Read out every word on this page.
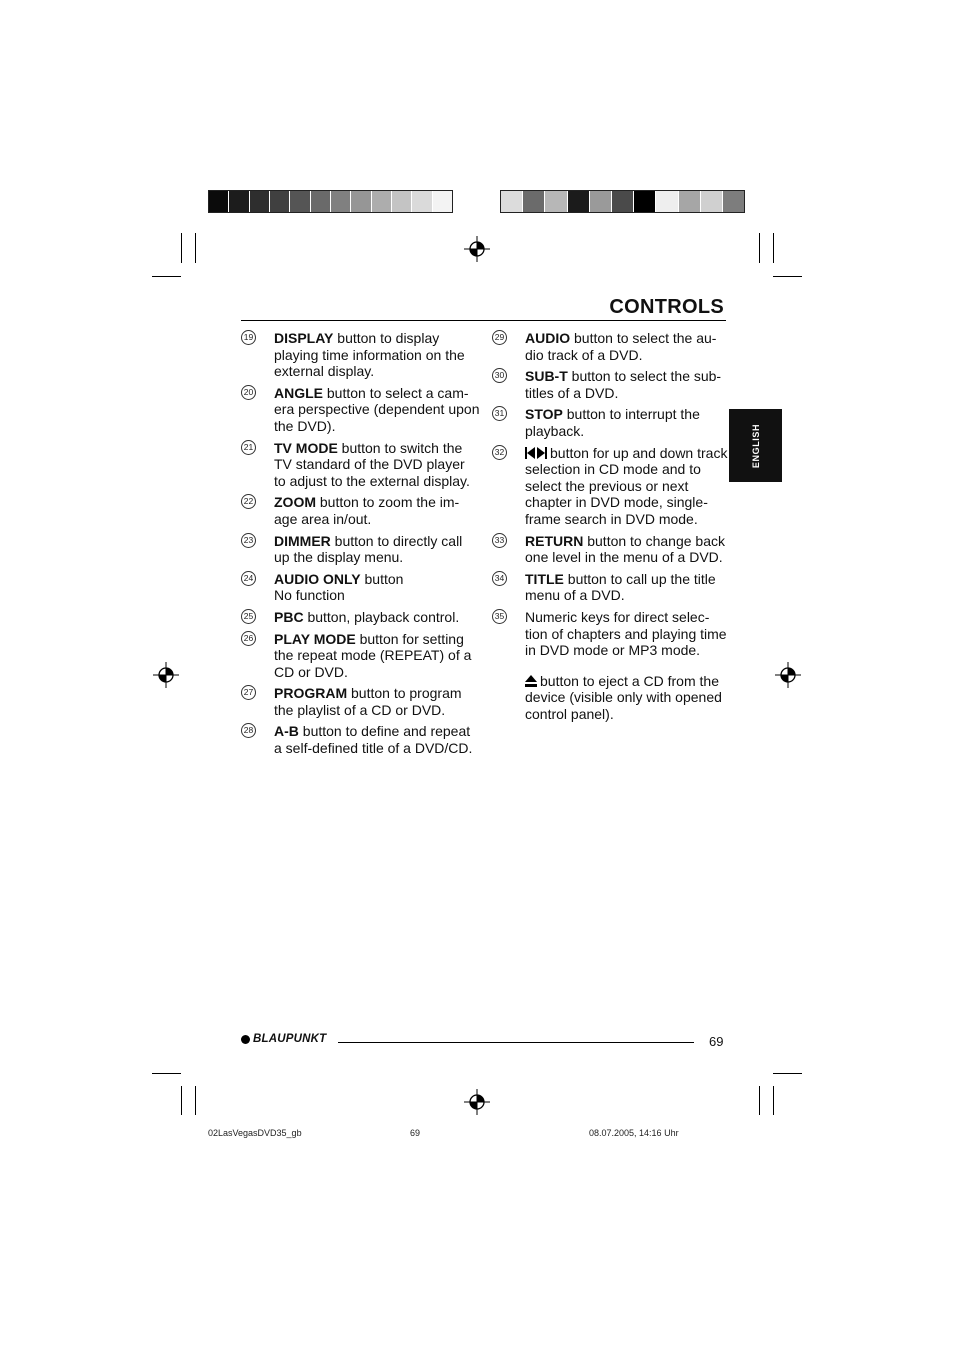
CONTROLS
ENGLISH
19 DISPLAY button to display playing time information on the external display.
20 ANGLE button to select a cam- era perspective (dependent upon the DVD).
21 TV MODE button to switch the TV standard of the DVD player to adjust to the external display.
22 ZOOM button to zoom the im- age area in/out.
23 DIMMER button to directly call up the display menu.
24 AUDIO ONLY button
No function
25 PBC button, playback control.
26 PLAY MODE button for setting the repeat mode (REPEAT) of a CD or DVD.
27 PROGRAM button to program the playlist of a CD or DVD.
28 A-B button to define and repeat a self-defined title of a DVD/CD.
29 AUDIO button to select the au- dio track of a DVD.
30 SUB-T button to select the sub- titles of a DVD.
31 STOP button to interrupt the playback.
32	button for up and down track selection in CD mode and to select the previous or next chapter in DVD mode, single- frame search in DVD mode.
33 RETURN button to change back one level in the menu of a DVD.
34 TITLE button to call up the title menu of a DVD.
35 Numeric keys for direct selec- tion of chapters and playing time in DVD mode or MP3 mode.
button to eject a CD from the device (visible only with opened control panel).
BLAUPUNKT	69
02LasVegasDVD35_gb	69	08.07.2005, 14:16 Uhr
